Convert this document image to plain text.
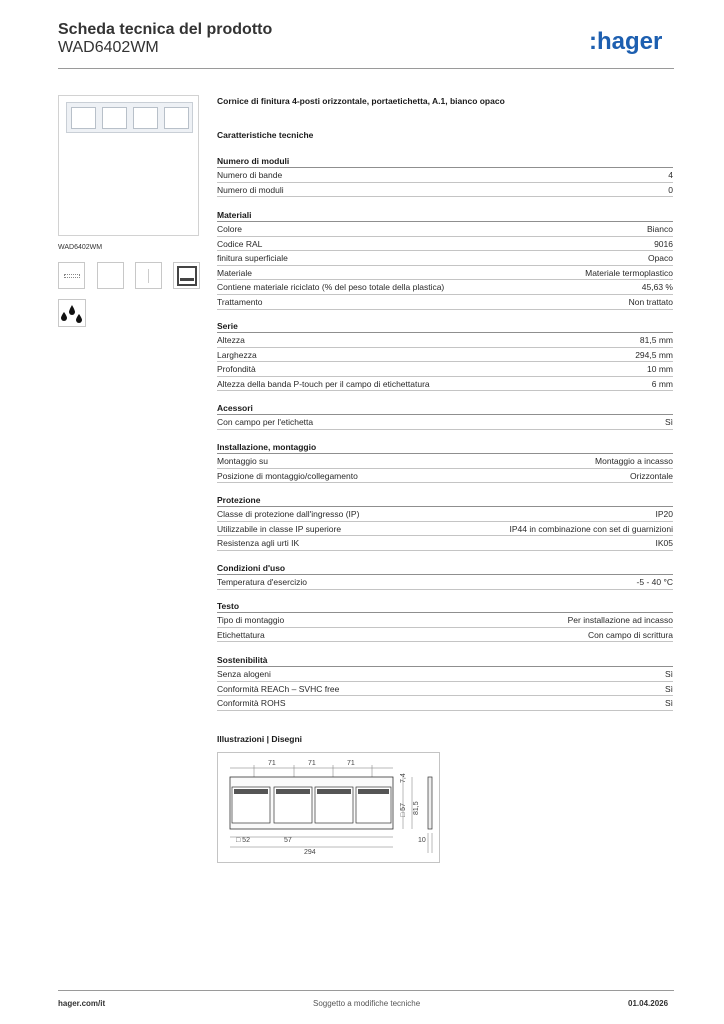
Scheda tecnica del prodotto
WAD6402WM	:hager
WAD6402WM
Cornice di finitura 4-posti orizzontale, portaetichetta, A.1, bianco opaco
Caratteristiche tecniche
Numero di moduli
Numero di bande	4
Numero di moduli	0
Materiali
Colore	Bianco
Codice RAL	9016
finitura superficiale	Opaco
Materiale	Materiale termoplastico
Contiene materiale riciclato (% del peso totale della plastica)	45,63 %
Trattamento	Non trattato
Serie
Altezza	81,5 mm
Larghezza	294,5 mm
Profondità	10 mm
Altezza della banda P-touch per il campo di etichettatura	6 mm
Acessori
Con campo per l'etichetta	Sì
Installazione, montaggio
Montaggio su	Montaggio a incasso
Posizione di montaggio/collegamento	Orizzontale
Protezione
Classe di protezione dall'ingresso (IP)	IP20
Utilizzabile in classe IP superiore	IP44 in combinazione con set di guarnizioni
Resistenza agli urti IK	IK05
Condizioni d'uso
Temperatura d'esercizio	-5 - 40 °C
Testo
Tipo di montaggio	Per installazione ad incasso
Etichettatura	Con campo di scrittura
Sostenibilità
Senza alogeni	Sì
Conformità REACh – SVHC free	Sì
Conformità ROHS	Sì
Illustrazioni | Disegni
71	71	71
7,4
□ 57 81,5
□ 52	57
294
10
hager.com/it	Soggetto a modifiche tecniche	01.04.2026
